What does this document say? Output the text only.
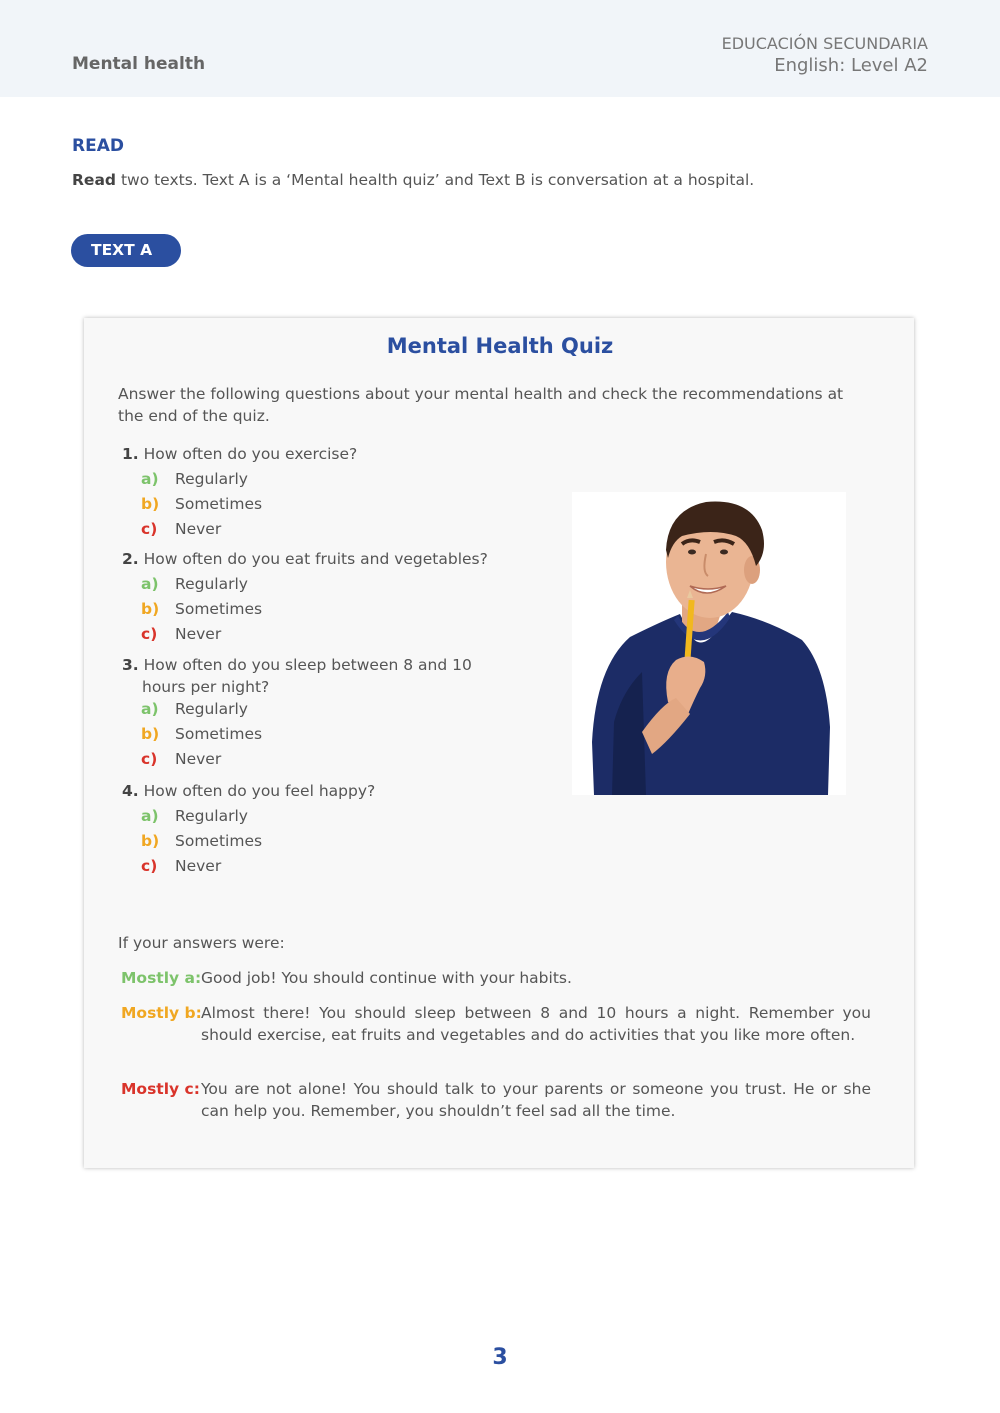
Mental health
EDUCACIÓN SECUNDARIA
English: Level A2
READ
Read two texts. Text A is a ‘Mental health quiz’ and Text B is conversation at a hospital.
TEXT A
Mental Health Quiz
Answer the following questions about your mental health and check the recommendations at the end of the quiz.
1. How often do you exercise?
a) Regularly
b) Sometimes
c) Never
2. How often do you eat fruits and vegetables?
a) Regularly
b) Sometimes
c) Never
3. How often do you sleep between 8 and 10
hours per night?
a) Regularly
b) Sometimes
c) Never
4. How often do you feel happy?
a) Regularly
b) Sometimes
c) Never
If your answers were:
Mostly a: Good job! You should continue with your habits.
Mostly b: Almost there! You should sleep between 8 and 10 hours a night. Remember you should exercise, eat fruits and vegetables and do activities that you like more often.
Mostly c: You are not alone! You should talk to your parents or someone you trust. He or she can help you. Remember, you shouldn’t feel sad all the time.
3
